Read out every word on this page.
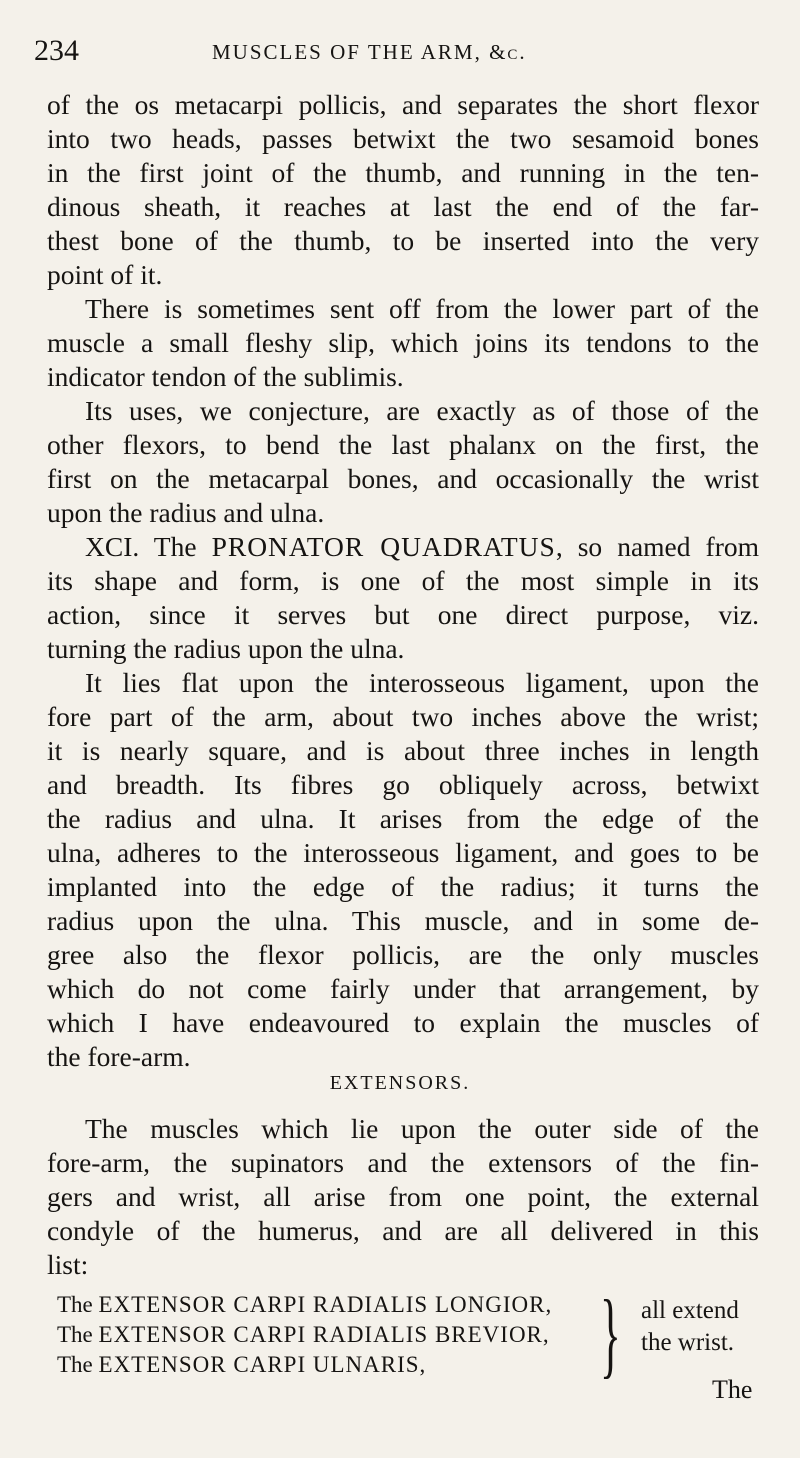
234	MUSCLES OF THE ARM, &c.
of the os metacarpi pollicis, and separates the short flexor
into two heads, passes betwixt the two sesamoid bones
in the first joint of the thumb, and running in the ten-
dinous sheath, it reaches at last the end of the far-
thest bone of the thumb, to be inserted into the very
point of it.
There is sometimes sent off from the lower part of the
muscle a small fleshy slip, which joins its tendons to the
indicator tendon of the sublimis.
Its uses, we conjecture, are exactly as of those of the
other flexors, to bend the last phalanx on the first, the
first on the metacarpal bones, and occasionally the wrist
upon the radius and ulna.
XCI. The PRONATOR QUADRATUS, so named from
its shape and form, is one of the most simple in its
action, since it serves but one direct purpose, viz.
turning the radius upon the ulna.
It lies flat upon the interosseous ligament, upon the
fore part of the arm, about two inches above the wrist;
it is nearly square, and is about three inches in length
and breadth. Its fibres go obliquely across, betwixt
the radius and ulna. It arises from the edge of the
ulna, adheres to the interosseous ligament, and goes to be
implanted into the edge of the radius; it turns the
radius upon the ulna. This muscle, and in some de-
gree also the flexor pollicis, are the only muscles
which do not come fairly under that arrangement, by
which I have endeavoured to explain the muscles of
the fore-arm.
EXTENSORS.
The muscles which lie upon the outer side of the
fore-arm, the supinators and the extensors of the fin-
gers and wrist, all arise from one point, the external
condyle of the humerus, and are all delivered in this
list:
The EXTENSOR CARPI RADIALIS LONGIOR,
The EXTENSOR CARPI RADIALIS BREVIOR,
The EXTENSOR CARPI ULNARIS, } all extend
the wrist.
The
